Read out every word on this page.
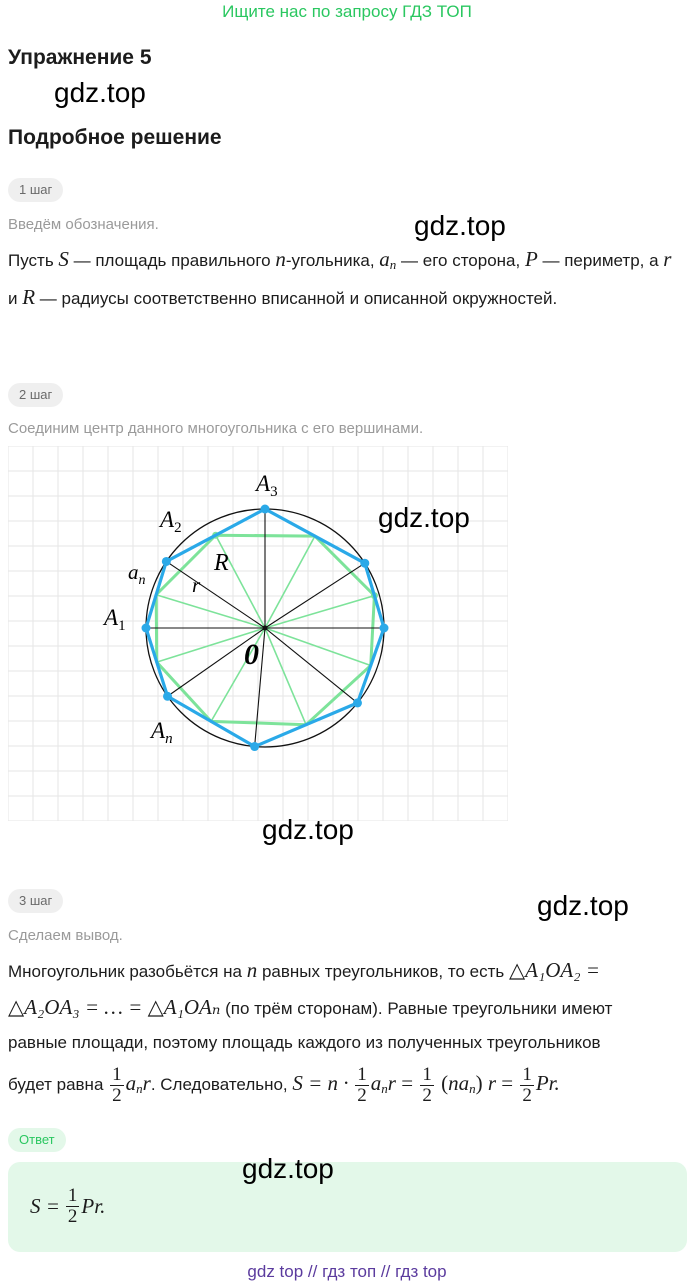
Ищите нас по запросу ГДЗ ТОП
Упражнение 5
gdz.top
Подробное решение
1 шаг
Введём обозначения.	gdz.top
Пусть S — площадь правильного n-угольника, $a_n$ — его сторона, P — периметр, а r и R — радиусы соответственно вписанной и описанной окружностей.
2 шаг
Соединим центр данного многоугольника с его вершинами.
$A_3$
$A_2$
$A_1$
$A_n$
$a_n$
R
r
0
gdz.top
gdz.top
3 шаг	gdz.top
Сделаем вывод.
Многоугольник разобьётся на n равных треугольников, то есть △A₁OA₂ =
△A₂OA₃ = … = △A₁OAₙ (по трём сторонам). Равные треугольники имеют
равные площади, поэтому площадь каждого из полученных треугольников
будет равна $\frac{1}{2} a_nr$. Следовательно, $S = n \cdot \frac{1}{2} a_nr = \frac{1}{2} (na_n) r = \frac{1}{2} Pr$.
Ответ
$S = \frac{1}{2} Pr$.
gdz.top
gdz top // гдз топ // гдз top
